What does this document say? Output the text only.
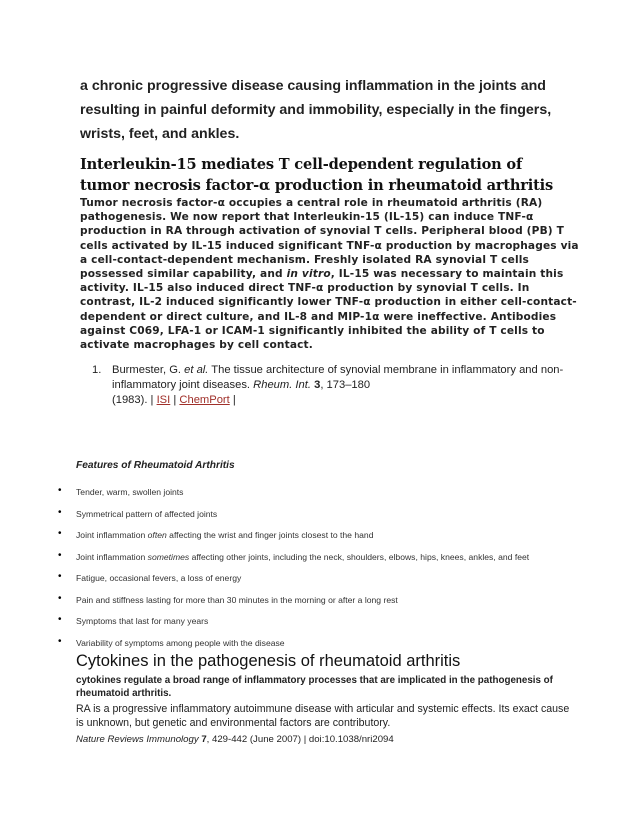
a chronic progressive disease causing inflammation in the joints and resulting in painful deformity and immobility, especially in the fingers, wrists, feet, and ankles.
Interleukin-15 mediates T cell-dependent regulation of tumor necrosis factor-α production in rheumatoid arthritis
Tumor necrosis factor-α occupies a central role in rheumatoid arthritis (RA) pathogenesis. We now report that Interleukin-15 (IL-15) can induce TNF-α production in RA through activation of synovial T cells. Peripheral blood (PB) T cells activated by IL-15 induced significant TNF-α production by macrophages via a cell-contact-dependent mechanism. Freshly isolated RA synovial T cells possessed similar capability, and in vitro, IL-15 was necessary to maintain this activity. IL-15 also induced direct TNF-α production by synovial T cells. In contrast, IL-2 induced significantly lower TNF-α production in either cell-contact-dependent or direct culture, and IL-8 and MIP-1α were ineffective. Antibodies against C069, LFA-1 or ICAM-1 significantly inhibited the ability of T cells to activate macrophages by cell contact.
1. Burmester, G. et al. The tissue architecture of synovial membrane in inflammatory and non-inflammatory joint diseases. Rheum. Int. 3, 173–180
(1983). | ISI | ChemPort |
Features of Rheumatoid Arthritis
• Tender, warm, swollen joints
• Symmetrical pattern of affected joints
• Joint inflammation often affecting the wrist and finger joints closest to the hand
• Joint inflammation sometimes affecting other joints, including the neck, shoulders, elbows, hips, knees, ankles, and feet
• Fatigue, occasional fevers, a loss of energy
• Pain and stiffness lasting for more than 30 minutes in the morning or after a long rest
• Symptoms that last for many years
• Variability of symptoms among people with the disease
Cytokines in the pathogenesis of rheumatoid arthritis
cytokines regulate a broad range of inflammatory processes that are implicated in the pathogenesis of rheumatoid arthritis.
RA is a progressive inflammatory autoimmune disease with articular and systemic effects. Its exact cause is unknown, but genetic and environmental factors are contributory.
Nature Reviews Immunology 7, 429-442 (June 2007) | doi:10.1038/nri2094
